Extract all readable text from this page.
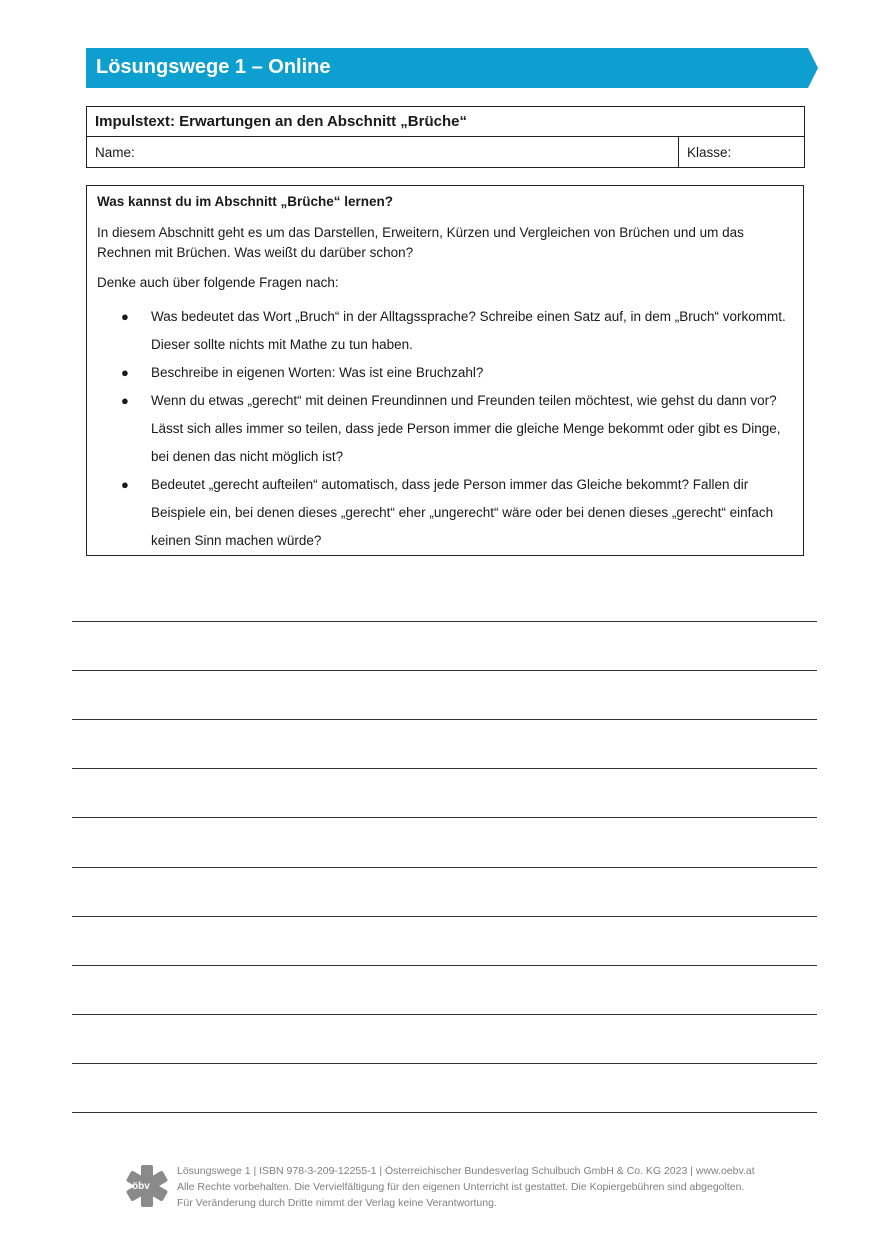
Lösungswege 1 – Online
Impulstext: Erwartungen an den Abschnitt „Brüche“
Name:	Klasse:
Was kannst du im Abschnitt „Brüche“ lernen?

In diesem Abschnitt geht es um das Darstellen, Erweitern, Kürzen und Vergleichen von Brüchen und um das Rechnen mit Brüchen. Was weißt du darüber schon?

Denke auch über folgende Fragen nach:

● Was bedeutet das Wort „Bruch“ in der Alltagssprache? Schreibe einen Satz auf, in dem „Bruch“ vorkommt. Dieser sollte nichts mit Mathe zu tun haben.
● Beschreibe in eigenen Worten: Was ist eine Bruchzahl?
● Wenn du etwas „gerecht“ mit deinen Freundinnen und Freunden teilen möchtest, wie gehst du dann vor? Lässt sich alles immer so teilen, dass jede Person immer die gleiche Menge bekommt oder gibt es Dinge, bei denen das nicht möglich ist?
● Bedeutet „gerecht aufteilen“ automatisch, dass jede Person immer das Gleiche bekommt? Fallen dir Beispiele ein, bei denen dieses „gerecht“ eher „ungerecht“ wäre oder bei denen dieses „gerecht“ einfach keinen Sinn machen würde?
öbv
Lösungswege 1 | ISBN 978-3-209-12255-1 | Österreichischer Bundesverlag Schulbuch GmbH & Co. KG 2023 | www.oebv.at
Alle Rechte vorbehalten. Die Vervielfältigung für den eigenen Unterricht ist gestattet. Die Kopiergebühren sind abgegolten.
Für Veränderung durch Dritte nimmt der Verlag keine Verantwortung.
